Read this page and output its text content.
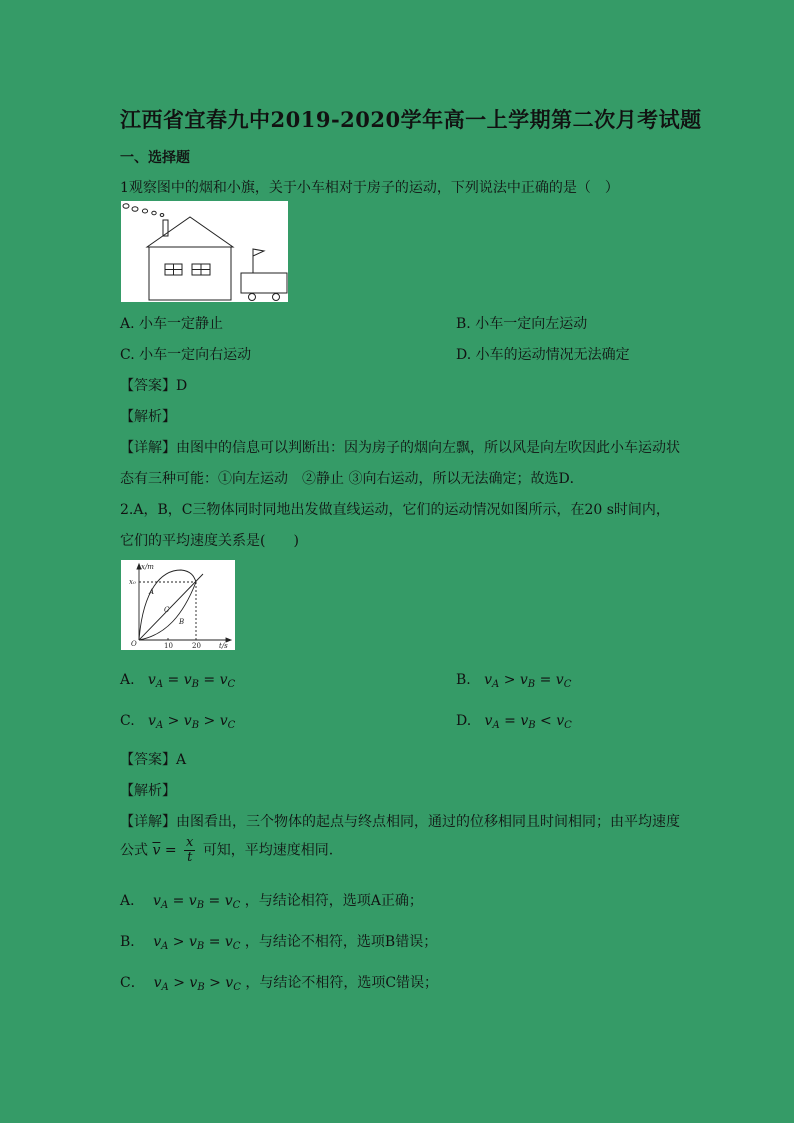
江西省宜春九中2019-2020学年高一上学期第二次月考试题
一、选择题
1观察图中的烟和小旗，关于小车相对于房子的运动，下列说法中正确的是（　）
A. 小车一定静止	B. 小车一定向左运动
C. 小车一定向右运动	D. 小车的运动情况无法确定
【答案】D
【解析】
【详解】由图中的信息可以判断出：因为房子的烟向左飘，所以风是向左吹因此小车运动状
态有三种可能：①向左运动　②静止 ③向右运动，所以无法确定；故选D．
2.A，B，C三物体同时同地出发做直线运动，它们的运动情况如图所示，在20 s时间内，
它们的平均速度关系是(　　)
x/m
x₀
O	10	20	t/s
A
C
B
A.   $v_A = v_B = v_C$	B.   $v_A > v_B = v_C$
C.   $v_A > v_B > v_C$	D.   $v_A = v_B < v_C$
【答案】A
【解析】
【详解】由图看出，三个物体的起点与终点相同，通过的位移相同且时间相同；由平均速度
公式 $\overline{v} = \frac{x}{t}$ 可知，平均速度相同.
A．  $v_A = v_B = v_C$ ，与结论相符，选项A正确；
B．  $v_A > v_B = v_C$ ，与结论不相符，选项B错误；
C．  $v_A > v_B > v_C$ ，与结论不相符，选项C错误；
